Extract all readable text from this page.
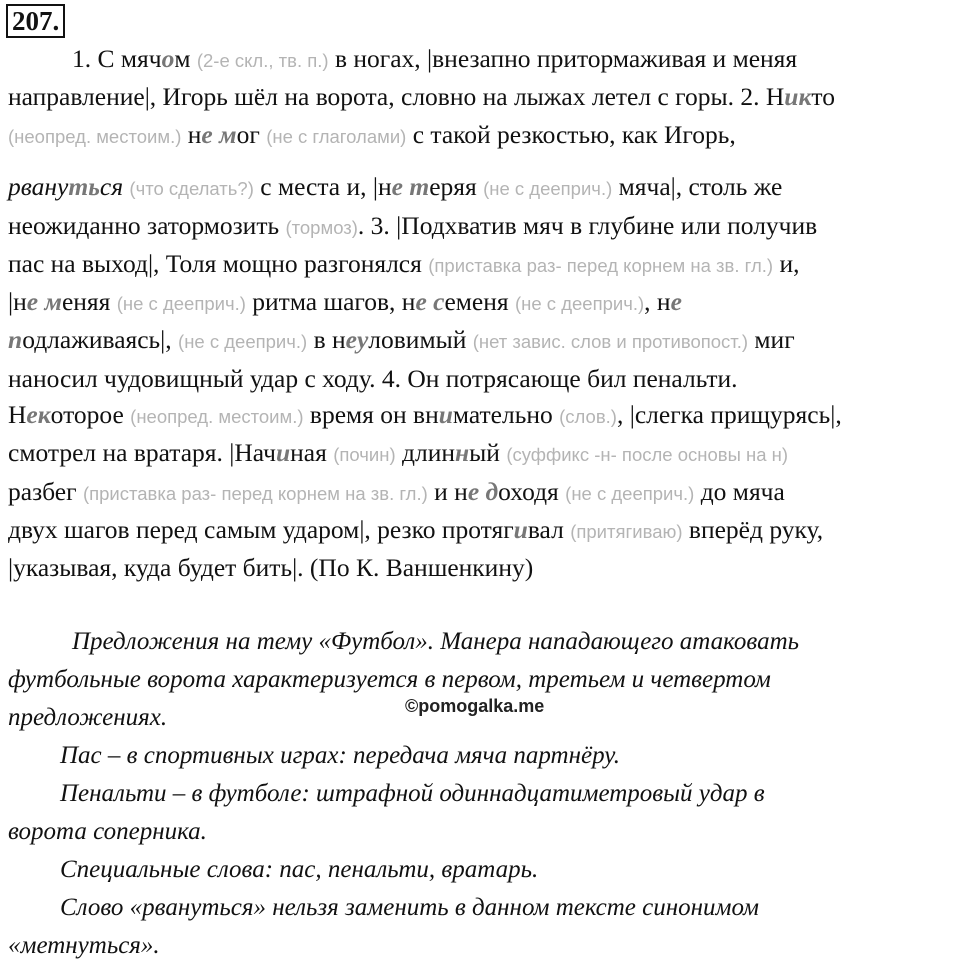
207.
1. С мячом (2-е скл., тв. п.) в ногах, |внезапно притормаживая и меняя
направление|, Игорь шёл на ворота, словно на лыжах летел с горы. 2. Никто
(неопред. местоим.) не мог (не с глаголами) с такой резкостью, как Игорь,
рвануться (что сделать?) с места и, |не теряя (не с дееприч.) мяча|, столь же
неожиданно затормозить (тормоз). 3. |Подхватив мяч в глубине или получив
пас на выход|, Толя мощно разгонялся (приставка раз- перед корнем на зв. гл.) и,
|не меняя (не с дееприч.) ритма шагов, не семеня (не с дееприч.), не
подлаживаясь|, (не с дееприч.) в неуловимый (нет завис. слов и противопост.) миг
наносил чудовищный удар с ходу. 4. Он потрясающе бил пенальти.
Некоторое (неопред. местоим.) время он внимательно (слов.), |слегка прищурясь|,
смотрел на вратаря. |Начиная (почин) длинный (суффикс -н- после основы на н)
разбег (приставка раз- перед корнем на зв. гл.) и не доходя (не с дееприч.) до мяча
двух шагов перед самым ударом|, резко протягивал (притягиваю) вперёд руку,
|указывая, куда будет бить|. (По К. Ваншенкину)
Предложения на тему «Футбол». Манера нападающего атаковать
футбольные ворота характеризуется в первом, третьем и четвертом
предложениях.	©pomogalka.me
Пас – в спортивных играх: передача мяча партнёру.
Пенальти – в футболе: штрафной одиннадцатиметровый удар в
ворота соперника.
Специальные слова: пас, пенальти, вратарь.
Слово «рвануться» нельзя заменить в данном тексте синонимом
«метнуться».
